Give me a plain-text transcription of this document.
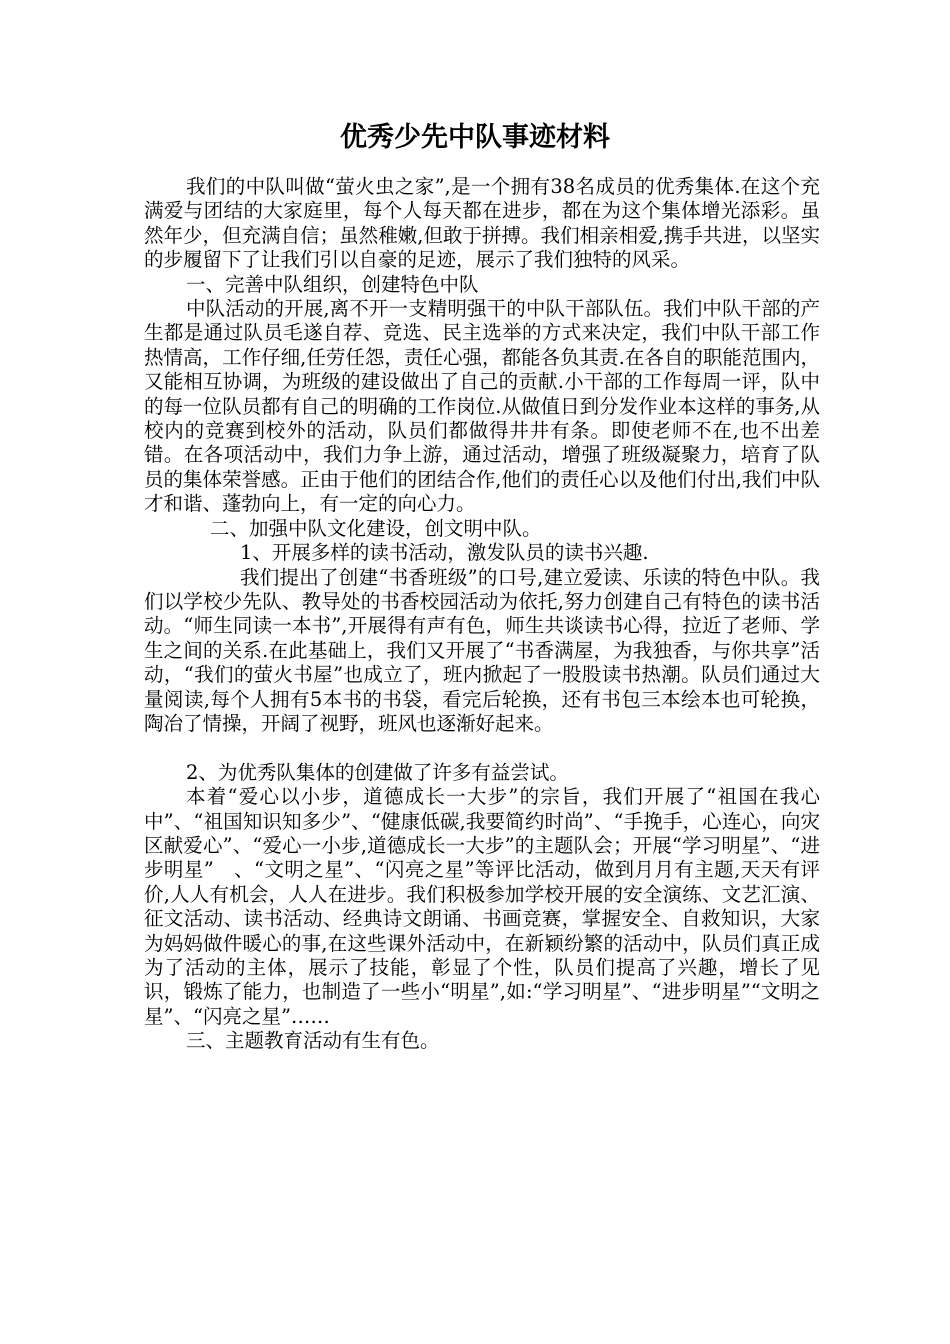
优秀少先中队事迹材料

我们的中队叫做“萤火虫之家”,是一个拥有38名成员的优秀集体.在这个充满爱与团结的大家庭里，每个人每天都在进步，都在为这个集体增光添彩。虽然年少，但充满自信；虽然稚嫩,但敢于拼搏。我们相亲相爱,携手共进，以坚实的步履留下了让我们引以自豪的足迹，展示了我们独特的风采。

一、完善中队组织，创建特色中队

中队活动的开展,离不开一支精明强干的中队干部队伍。我们中队干部的产生都是通过队员毛遂自荐、竞选、民主选举的方式来决定，我们中队干部工作热情高，工作仔细,任劳任怨，责任心强，都能各负其责.在各自的职能范围内，又能相互协调，为班级的建设做出了自己的贡献.小干部的工作每周一评，队中的每一位队员都有自己的明确的工作岗位.从做值日到分发作业本这样的事务,从校内的竞赛到校外的活动，队员们都做得井井有条。即使老师不在,也不出差错。在各项活动中，我们力争上游，通过活动，增强了班级凝聚力，培育了队员的集体荣誉感。正由于他们的团结合作,他们的责任心以及他们付出,我们中队才和谐、蓬勃向上，有一定的向心力。

二、加强中队文化建设，创文明中队。

1、开展多样的读书活动，激发队员的读书兴趣.

我们提出了创建“书香班级”的口号,建立爱读、乐读的特色中队。我们以学校少先队、教导处的书香校园活动为依托,努力创建自己有特色的读书活动。“师生同读一本书”,开展得有声有色，师生共谈读书心得，拉近了老师、学生之间的关系.在此基础上，我们又开展了“书香满屋，为我独香，与你共享”活动，“我们的萤火书屋”也成立了，班内掀起了一股股读书热潮。队员们通过大量阅读,每个人拥有5本书的书袋，看完后轮换，还有书包三本绘本也可轮换，陶冶了情操，开阔了视野，班风也逐渐好起来。

2、为优秀队集体的创建做了许多有益尝试。

本着“爱心以小步，道德成长一大步”的宗旨，我们开展了“祖国在我心中”、“祖国知识知多少”、“健康低碳,我要简约时尚”、“手挽手，心连心，向灾区献爱心”、“爱心一小步,道德成长一大步”的主题队会；开展“学习明星”、“进步明星”　、“文明之星”、“闪亮之星”等评比活动，做到月月有主题,天天有评价,人人有机会，人人在进步。我们积极参加学校开展的安全演练、文艺汇演、征文活动、读书活动、经典诗文朗诵、书画竞赛，掌握安全、自救知识，大家为妈妈做件暖心的事,在这些课外活动中，在新颖纷繁的活动中，队员们真正成为了活动的主体，展示了技能，彰显了个性，队员们提高了兴趣，增长了见识，锻炼了能力，也制造了一些小“明星”,如:“学习明星”、“进步明星”“文明之星”、“闪亮之星”……

三、主题教育活动有生有色。
